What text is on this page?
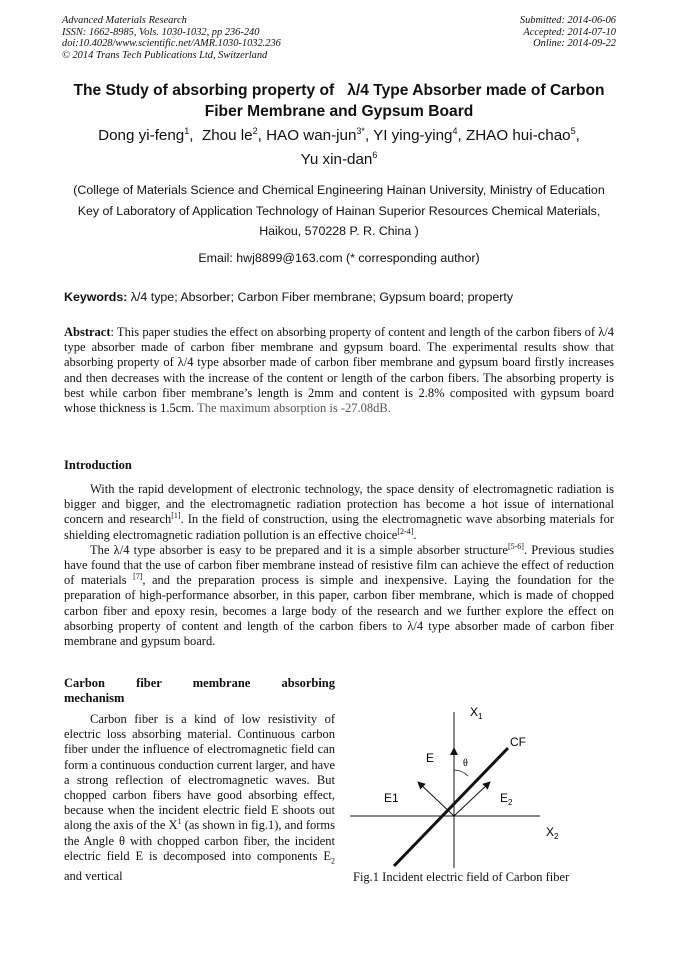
Advanced Materials Research
ISSN: 1662-8985, Vols. 1030-1032, pp 236-240
doi:10.4028/www.scientific.net/AMR.1030-1032.236
© 2014 Trans Tech Publications Ltd, Switzerland
Submitted: 2014-06-06
Accepted: 2014-07-10
Online: 2014-09-22
The Study of absorbing property of   λ/4 Type Absorber made of Carbon
Fiber Membrane and Gypsum Board
Dong yi-feng$^1$,  Zhou $le^2$, HAO wan-jun$^{3*}$, YI ying-ying$^4$, ZHAO hui-chao$^5$,
Yu xin-dan$^6$
(College of Materials Science and Chemical Engineering Hainan University, Ministry of Education
Key of Laboratory of Application Technology of Hainan Superior Resources Chemical Materials,
Haikou, 570228 P. R. China )
Email: hwj8899@163.com (* corresponding author)
Keywords: λ/4 type; Absorber; Carbon Fiber membrane; Gypsum board; property
Abstract: This paper studies the effect on absorbing property of content and length of the carbon fibers of λ/4 type absorber made of carbon fiber membrane and gypsum board. The experimental results show that absorbing property of λ/4 type absorber made of carbon fiber membrane and gypsum board firstly increases and then decreases with the increase of the content or length of the carbon fibers. The absorbing property is best while carbon fiber membrane’s length is 2mm and content is 2.8% composited with gypsum board whose thickness is 1.5cm. The maximum absorption is -27.08dB.
Introduction

With the rapid development of electronic technology, the space density of electromagnetic radiation is bigger and bigger, and the electromagnetic radiation protection has become a hot issue of international concern and research[1]. In the field of construction, using the electromagnetic wave absorbing materials for shielding electromagnetic radiation pollution is an effective choice[2-4].

The λ/4 type absorber is easy to be prepared and it is a simple absorber structure[5-6]. Previous studies have found that the use of carbon fiber membrane instead of resistive film can achieve the effect of reduction of materials [7], and the preparation process is simple and inexpensive. Laying the foundation for the preparation of high-performance absorber, in this paper, carbon fiber membrane, which is made of chopped carbon fiber and epoxy resin, becomes a large body of the research and we further explore the effect on absorbing property of content and length of the carbon fibers to λ/4 type absorber made of carbon fiber membrane and gypsum board.

Carbon fiber membrane absorbing
mechanism

Carbon fiber is a kind of low resistivity of electric loss absorbing material. Continuous carbon fiber under the influence of electromagnetic field can form a continuous conduction current larger, and have a strong reflection of electromagnetic waves. But chopped carbon fibers have good absorbing effect, because when the incident electric field E shoots out along the axis of the X$^1$ (as shown in fig.1), and forms the Angle θ with chopped carbon fiber, the incident electric field E is decomposed into components $E_2$ and vertical

$X_1$
CF
E	θ
E1	$E_2$
$X_2$
Fig.1 Incident electric field of Carbon fiber
